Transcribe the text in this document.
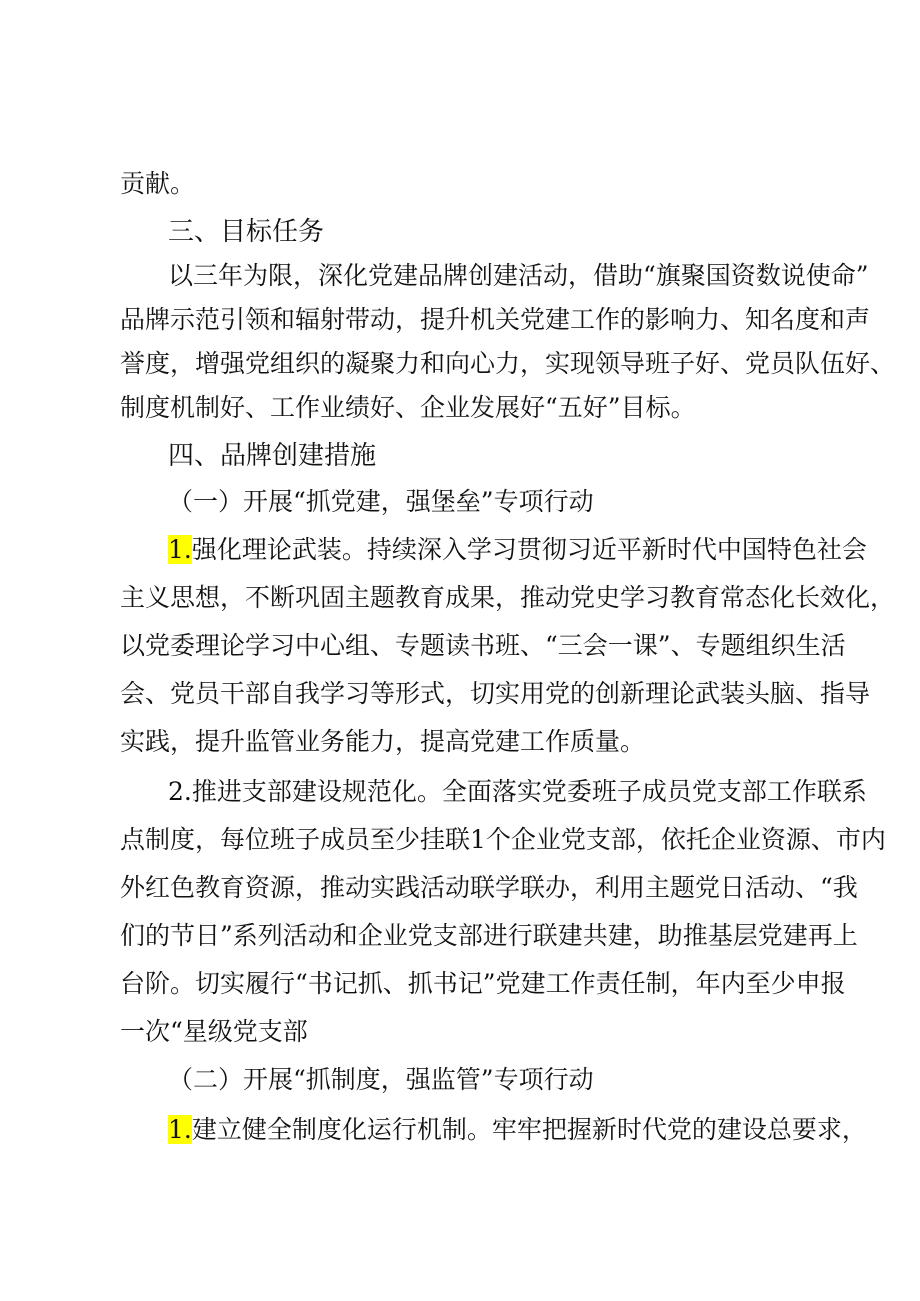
贡献。
三、目标任务
以三年为限，深化党建品牌创建活动，借助“旗聚国资数说使命”
品牌示范引领和辐射带动，提升机关党建工作的影响力、知名度和声
誉度，增强党组织的凝聚力和向心力，实现领导班子好、党员队伍好、
制度机制好、工作业绩好、企业发展好“五好”目标。
四、品牌创建措施
（一）开展“抓党建，强堡垒”专项行动
1.强化理论武装。持续深入学习贯彻习近平新时代中国特色社会
主义思想，不断巩固主题教育成果，推动党史学习教育常态化长效化，
以党委理论学习中心组、专题读书班、“三会一课”、专题组织生活
会、党员干部自我学习等形式，切实用党的创新理论武装头脑、指导
实践，提升监管业务能力，提高党建工作质量。
2.推进支部建设规范化。全面落实党委班子成员党支部工作联系
点制度，每位班子成员至少挂联1个企业党支部，依托企业资源、市内
外红色教育资源，推动实践活动联学联办，利用主题党日活动、“我
们的节日”系列活动和企业党支部进行联建共建，助推基层党建再上
台阶。切实履行“书记抓、抓书记”党建工作责任制，年内至少申报
一次“星级党支部
（二）开展“抓制度，强监管”专项行动
1.建立健全制度化运行机制。牢牢把握新时代党的建设总要求，
